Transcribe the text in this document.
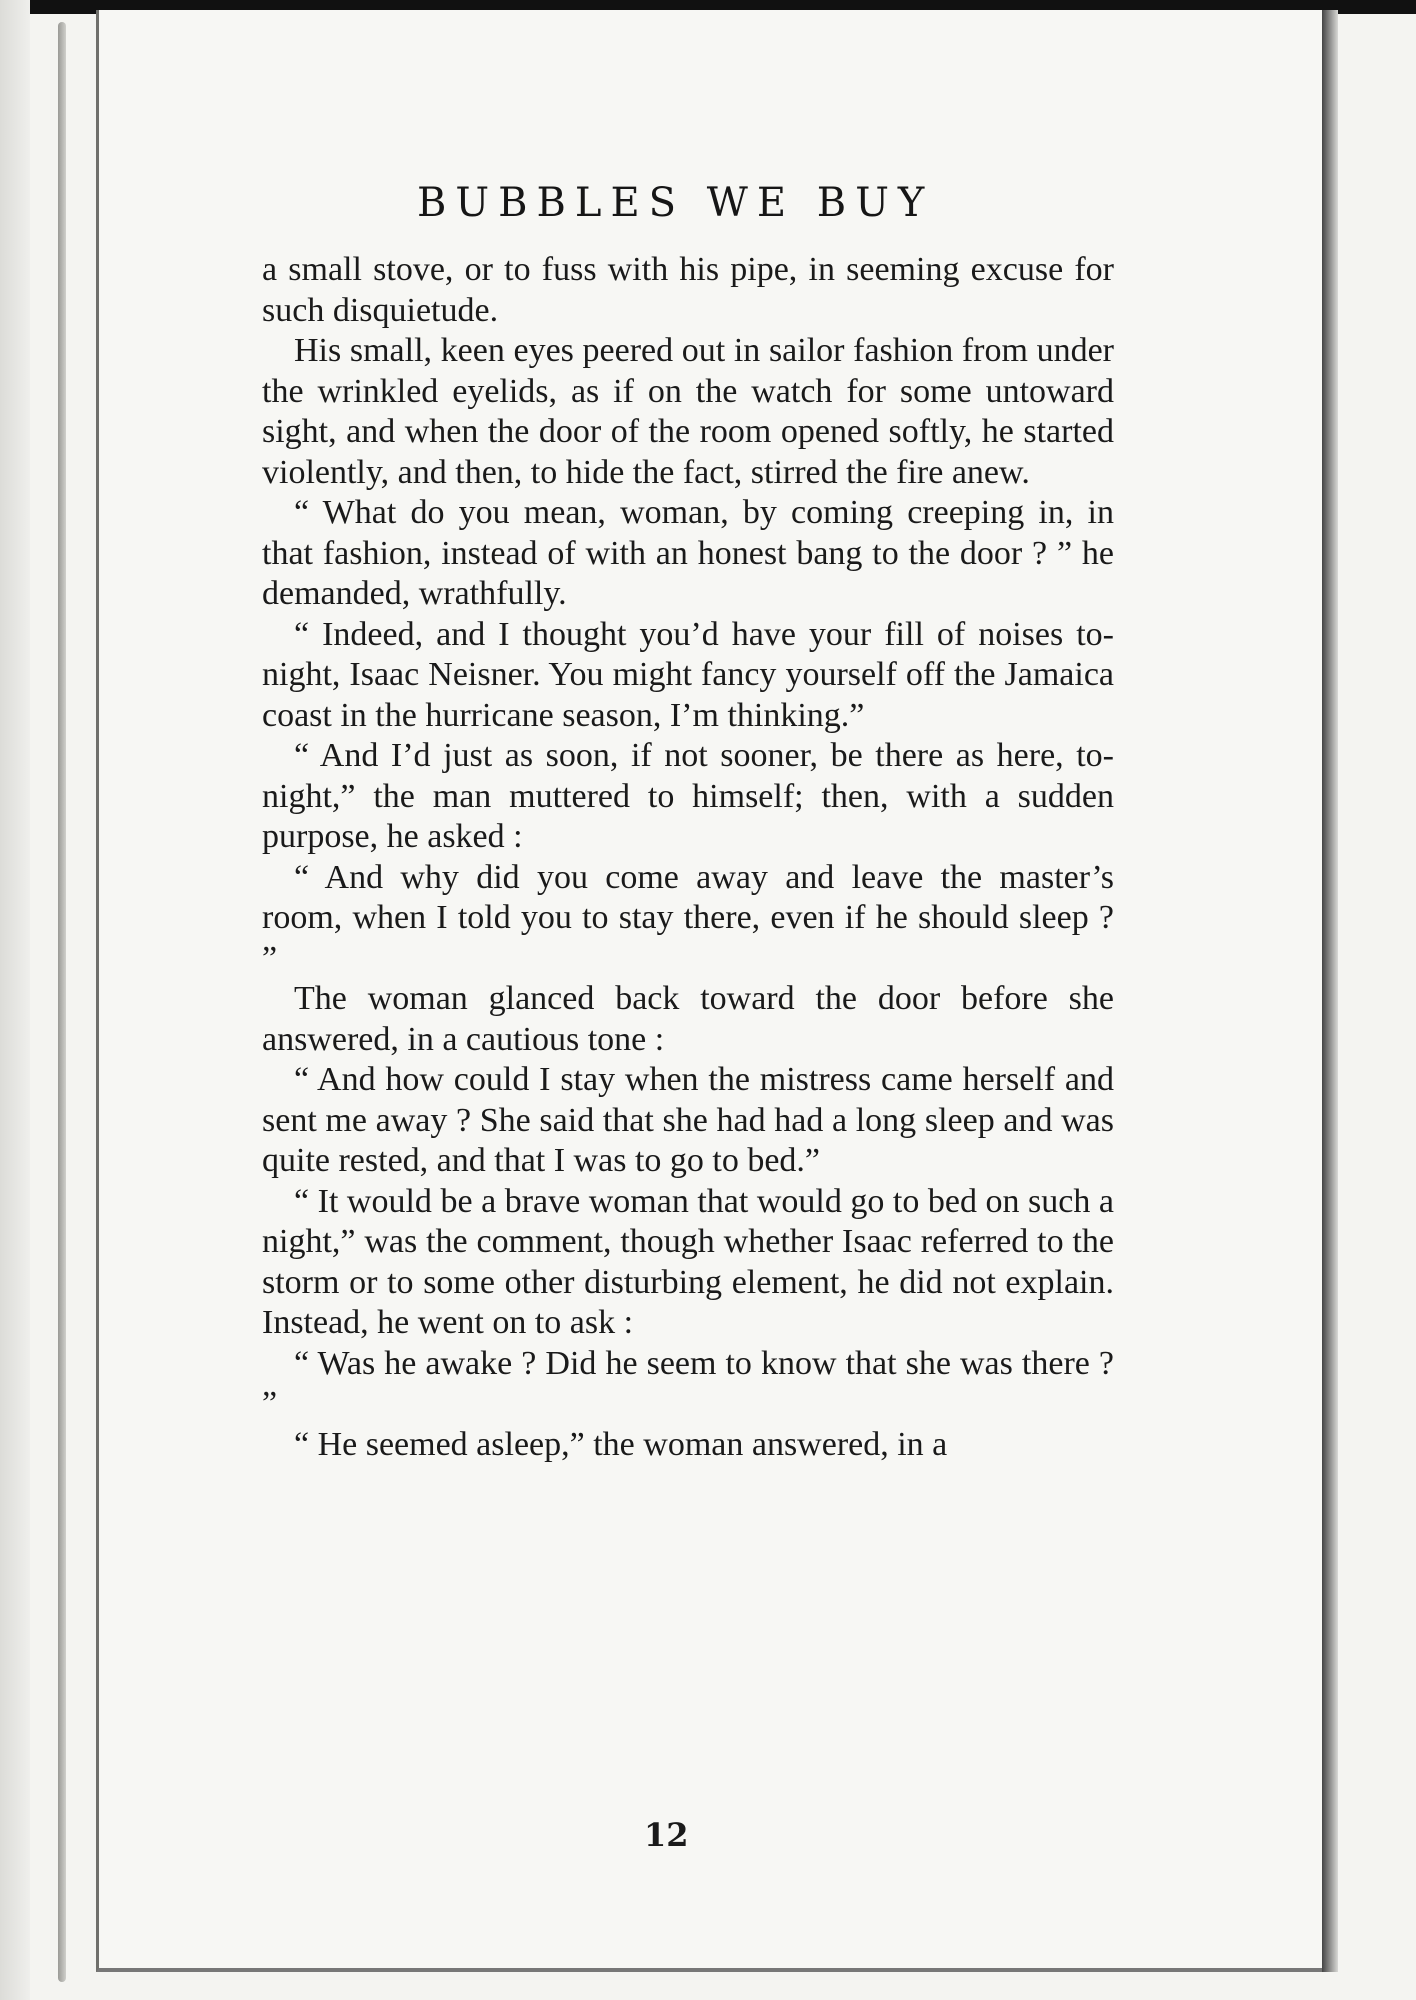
BUBBLES WE BUY

a small stove, or to fuss with his pipe, in seeming excuse for such disquietude.

His small, keen eyes peered out in sailor fashion from under the wrinkled eyelids, as if on the watch for some untoward sight, and when the door of the room opened softly, he started violently, and then, to hide the fact, stirred the fire anew.

“ What do you mean, woman, by coming creeping in, in that fashion, instead of with an honest bang to the door ? ” he demanded, wrathfully.

“ Indeed, and I thought you’d have your fill of noises to-night, Isaac Neisner. You might fancy yourself off the Jamaica coast in the hurricane season, I’m thinking.”

“ And I’d just as soon, if not sooner, be there as here, to-night,” the man muttered to himself; then, with a sudden purpose, he asked :

“ And why did you come away and leave the master’s room, when I told you to stay there, even if he should sleep ? ”

The woman glanced back toward the door before she answered, in a cautious tone :

“ And how could I stay when the mistress came herself and sent me away ? She said that she had had a long sleep and was quite rested, and that I was to go to bed.”

“ It would be a brave woman that would go to bed on such a night,” was the comment, though whether Isaac referred to the storm or to some other disturbing element, he did not explain. Instead, he went on to ask :

“ Was he awake ? Did he seem to know that she was there ? ”

“ He seemed asleep,” the woman answered, in a

12
